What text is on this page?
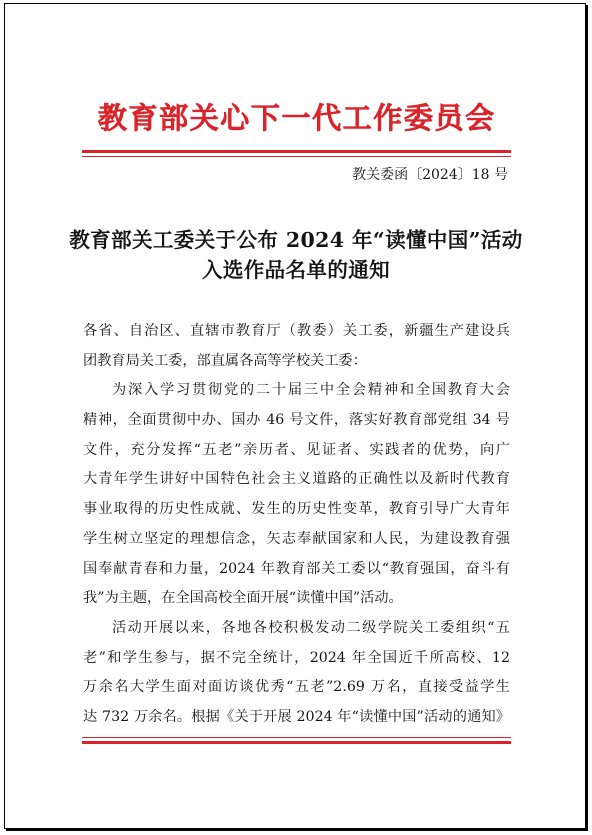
教育部关心下一代工作委员会
教关委函〔2024〕18 号
教育部关工委关于公布 2024 年“读懂中国”活动
入选作品名单的通知
各省、自治区、直辖市教育厅（教委）关工委，新疆生产建设兵
团教育局关工委，部直属各高等学校关工委：
为深入学习贯彻党的二十届三中全会精神和全国教育大会
精神，全面贯彻中办、国办 46 号文件，落实好教育部党组 34 号
文件，充分发挥“五老”亲历者、见证者、实践者的优势，向广
大青年学生讲好中国特色社会主义道路的正确性以及新时代教育
事业取得的历史性成就、发生的历史性变革，教育引导广大青年
学生树立坚定的理想信念，矢志奉献国家和人民，为建设教育强
国奉献青春和力量，2024 年教育部关工委以“教育强国，奋斗有
我”为主题，在全国高校全面开展“读懂中国”活动。
活动开展以来，各地各校积极发动二级学院关工委组织“五
老”和学生参与，据不完全统计，2024 年全国近千所高校、12
万余名大学生面对面访谈优秀“五老”2.69 万名，直接受益学生
达 732 万余名。根据《关于开展 2024 年“读懂中国”活动的通知》
